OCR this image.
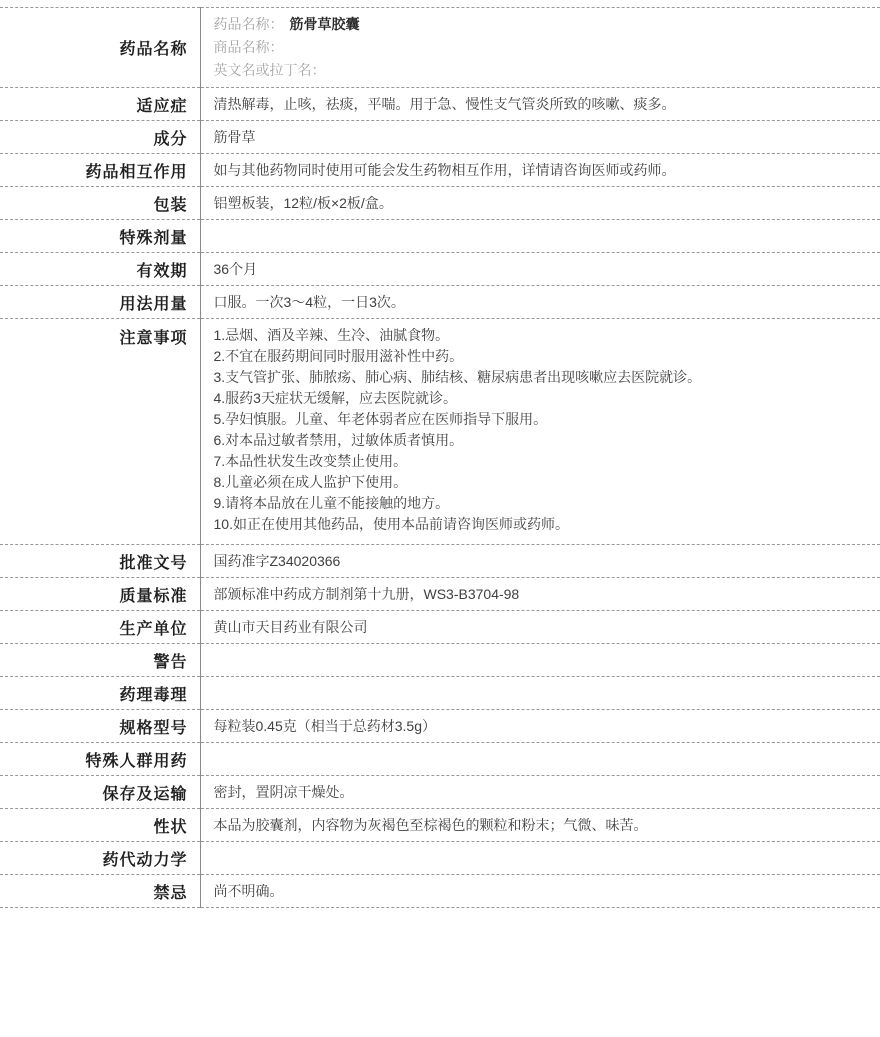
药品名称	药品名称： 筋骨草胶囊
商品名称：
英文名或拉丁名：

适应症	清热解毒，止咳，祛痰，平喘。用于急、慢性支气管炎所致的咳嗽、痰多。
成分	筋骨草
药品相互作用	如与其他药物同时使用可能会发生药物相互作用，详情请咨询医师或药师。
包装	铝塑板装，12粒/板×2板/盒。
特殊剂量	
有效期	36个月
用法用量	口服。一次3～4粒，一日3次。
注意事项	1.忌烟、酒及辛辣、生冷、油腻食物。
2.不宜在服药期间同时服用滋补性中药。
3.支气管扩张、肺脓疡、肺心病、肺结核、糖尿病患者出现咳嗽应去医院就诊。
4.服药3天症状无缓解，应去医院就诊。
5.孕妇慎服。儿童、年老体弱者应在医师指导下服用。
6.对本品过敏者禁用，过敏体质者慎用。
7.本品性状发生改变禁止使用。
8.儿童必须在成人监护下使用。
9.请将本品放在儿童不能接触的地方。
10.如正在使用其他药品，使用本品前请咨询医师或药师。

批准文号	国药准字Z34020366
质量标准	部颁标准中药成方制剂第十九册，WS3-B3704-98
生产单位	黄山市天目药业有限公司
警告	
药理毒理	
规格型号	每粒装0.45克（相当于总药材3.5g）
特殊人群用药	
保存及运输	密封，置阴凉干燥处。
性状	本品为胶囊剂，内容物为灰褐色至棕褐色的颗粒和粉末；气微、味苦。
药代动力学	
禁忌	尚不明确。
